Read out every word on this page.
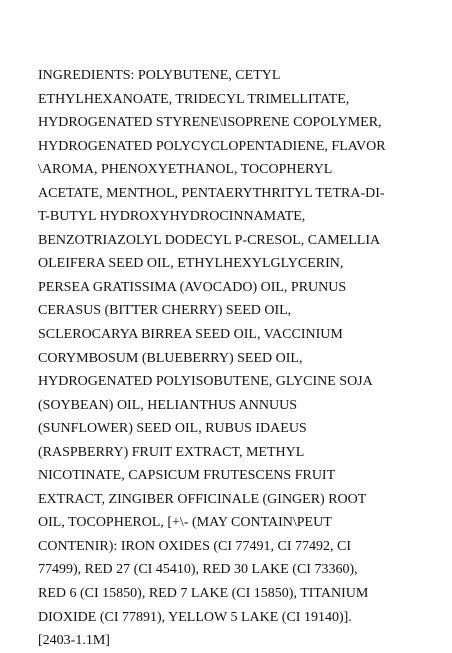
INGREDIENTS: POLYBUTENE, CETYL
ETHYLHEXANOATE, TRIDECYL TRIMELLITATE,
HYDROGENATED STYRENE\ISOPRENE COPOLYMER,
HYDROGENATED POLYCYCLOPENTADIENE, FLAVOR
\AROMA, PHENOXYETHANOL, TOCOPHERYL
ACETATE, MENTHOL, PENTAERYTHRITYL TETRA-DI-
T-BUTYL HYDROXYHYDROCINNAMATE,
BENZOTRIAZOLYL DODECYL P-CRESOL, CAMELLIA
OLEIFERA SEED OIL, ETHYLHEXYLGLYCERIN,
PERSEA GRATISSIMA (AVOCADO) OIL, PRUNUS
CERASUS (BITTER CHERRY) SEED OIL,
SCLEROCARYA BIRREA SEED OIL, VACCINIUM
CORYMBOSUM (BLUEBERRY) SEED OIL,
HYDROGENATED POLYISOBUTENE, GLYCINE SOJA
(SOYBEAN) OIL, HELIANTHUS ANNUUS
(SUNFLOWER) SEED OIL, RUBUS IDAEUS
(RASPBERRY) FRUIT EXTRACT, METHYL
NICOTINATE, CAPSICUM FRUTESCENS FRUIT
EXTRACT, ZINGIBER OFFICINALE (GINGER) ROOT
OIL, TOCOPHEROL, [+\- (MAY CONTAIN\PEUT
CONTENIR): IRON OXIDES (CI 77491, CI 77492, CI
77499), RED 27 (CI 45410), RED 30 LAKE (CI 73360),
RED 6 (CI 15850), RED 7 LAKE (CI 15850), TITANIUM
DIOXIDE (CI 77891), YELLOW 5 LAKE (CI 19140)].
[2403-1.1M]
